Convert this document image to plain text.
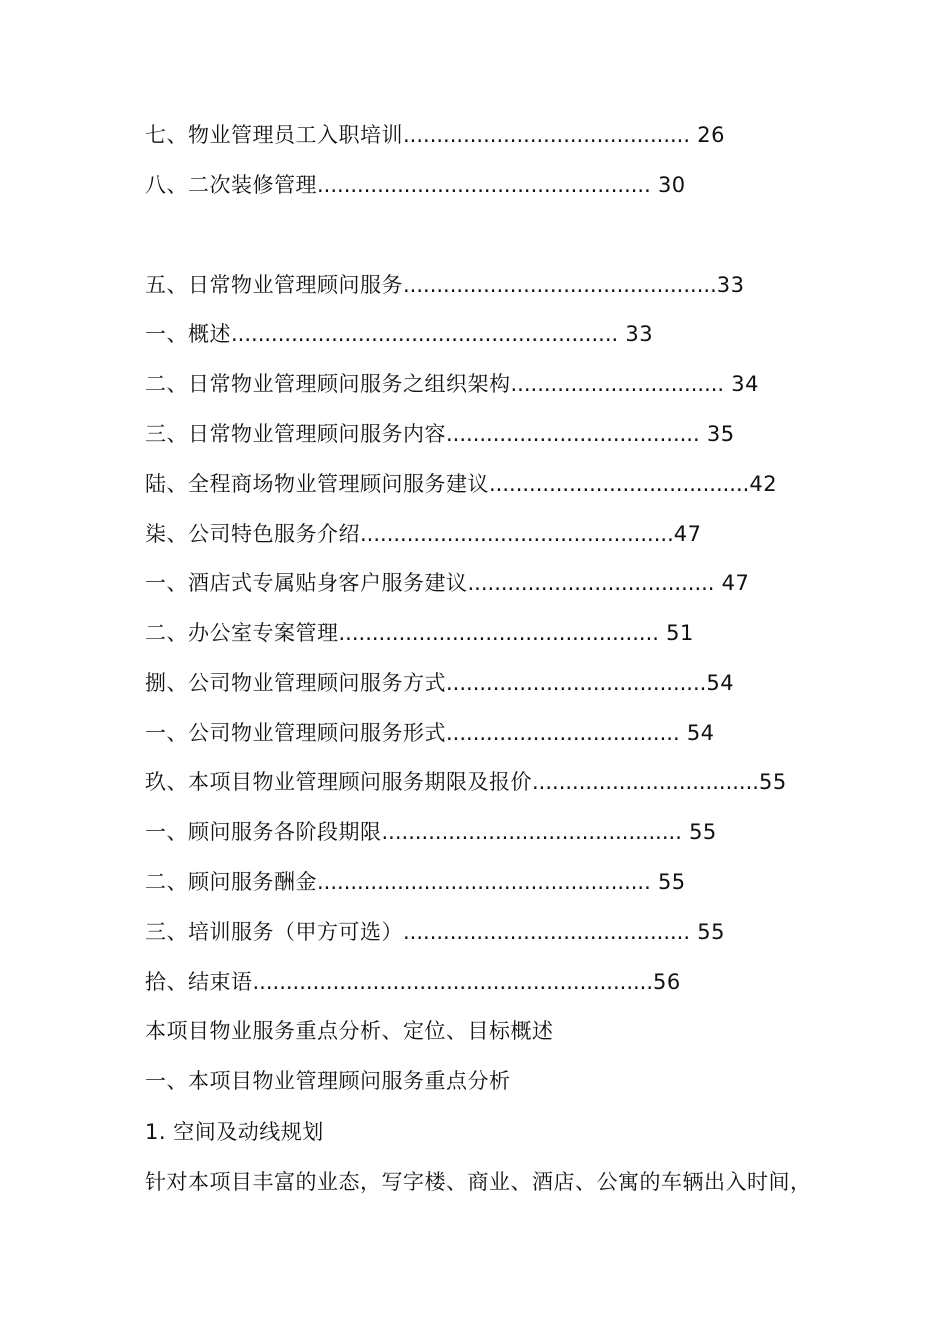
七、物业管理员工入职培训........................................... 26
八、二次装修管理.................................................. 30
五、日常物业管理顾问服务...............................................33
一、概述.......................................................... 33
二、日常物业管理顾问服务之组织架构................................ 34
三、日常物业管理顾问服务内容...................................... 35
陆、全程商场物业管理顾问服务建议.......................................42
柒、公司特色服务介绍...............................................47
一、酒店式专属贴身客户服务建议..................................... 47
二、办公室专案管理................................................ 51
捌、公司物业管理顾问服务方式.......................................54
一、公司物业管理顾问服务形式................................... 54
玖、本项目物业管理顾问服务期限及报价..................................55
一、顾问服务各阶段期限............................................. 55
二、顾问服务酬金.................................................. 55
三、培训服务（甲方可选）........................................... 55
拾、结束语............................................................56
本项目物业服务重点分析、定位、目标概述
一、本项目物业管理顾问服务重点分析
1. 空间及动线规划
针对本项目丰富的业态，写字楼、商业、酒店、公寓的车辆出入时间，
